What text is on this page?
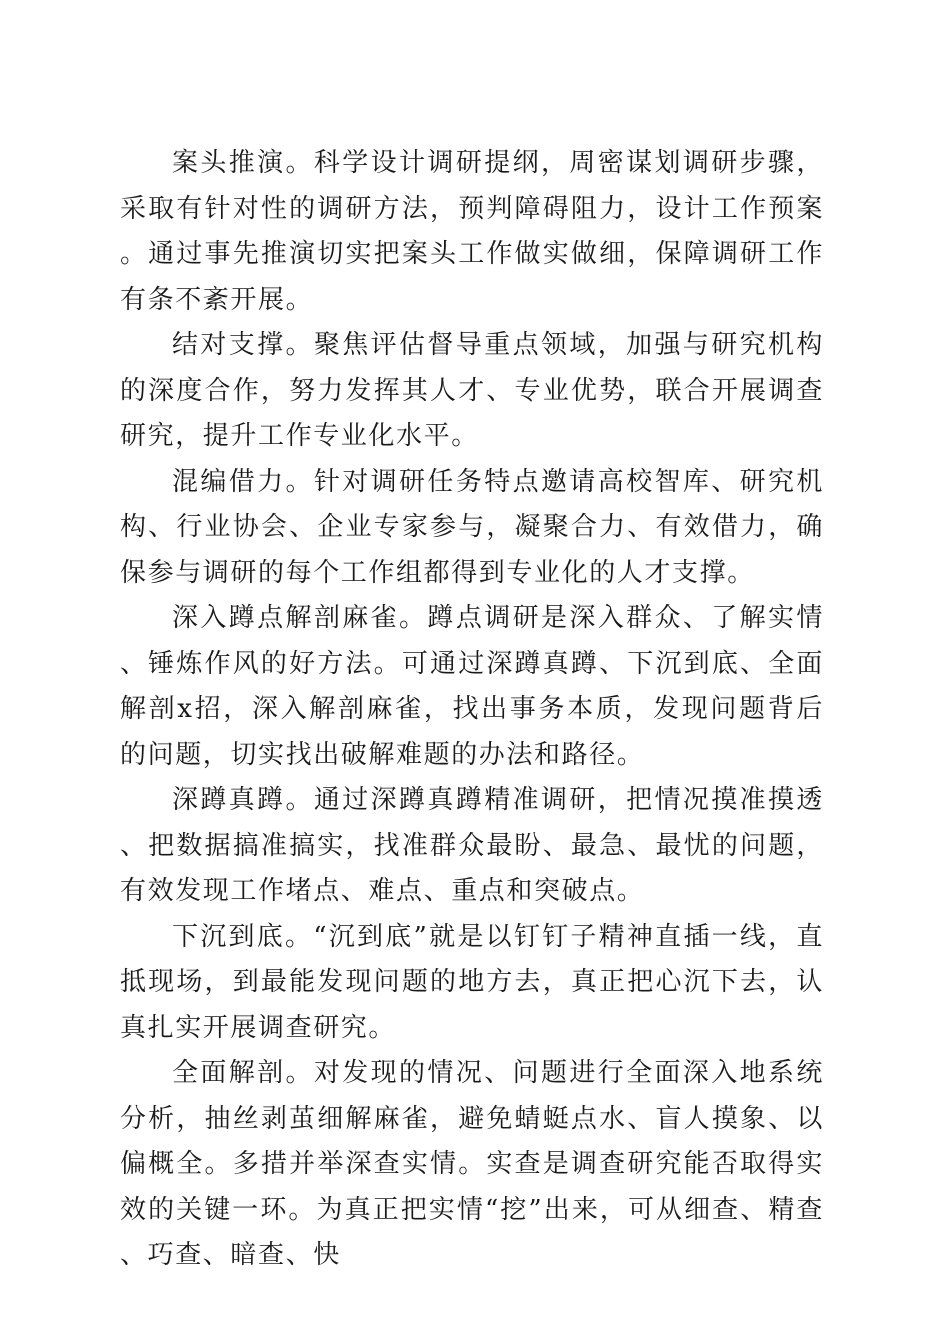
案头推演。科学设计调研提纲，周密谋划调研步骤，采取有针对性的调研方法，预判障碍阻力，设计工作预案。通过事先推演切实把案头工作做实做细，保障调研工作有条不紊开展。

结对支撑。聚焦评估督导重点领域，加强与研究机构的深度合作，努力发挥其人才、专业优势，联合开展调查研究，提升工作专业化水平。

混编借力。针对调研任务特点邀请高校智库、研究机构、行业协会、企业专家参与，凝聚合力、有效借力，确保参与调研的每个工作组都得到专业化的人才支撑。

深入蹲点解剖麻雀。蹲点调研是深入群众、了解实情、锤炼作风的好方法。可通过深蹲真蹲、下沉到底、全面解剖x招，深入解剖麻雀，找出事务本质，发现问题背后的问题，切实找出破解难题的办法和路径。

深蹲真蹲。通过深蹲真蹲精准调研，把情况摸准摸透、把数据搞准搞实，找准群众最盼、最急、最忧的问题，有效发现工作堵点、难点、重点和突破点。

下沉到底。“沉到底”就是以钉钉子精神直插一线，直抵现场，到最能发现问题的地方去，真正把心沉下去，认真扎实开展调查研究。

全面解剖。对发现的情况、问题进行全面深入地系统分析，抽丝剥茧细解麻雀，避免蜻蜓点水、盲人摸象、以偏概全。多措并举深查实情。实查是调查研究能否取得实效的关键一环。为真正把实情“挖”出来，可从细查、精查、巧查、暗查、快
